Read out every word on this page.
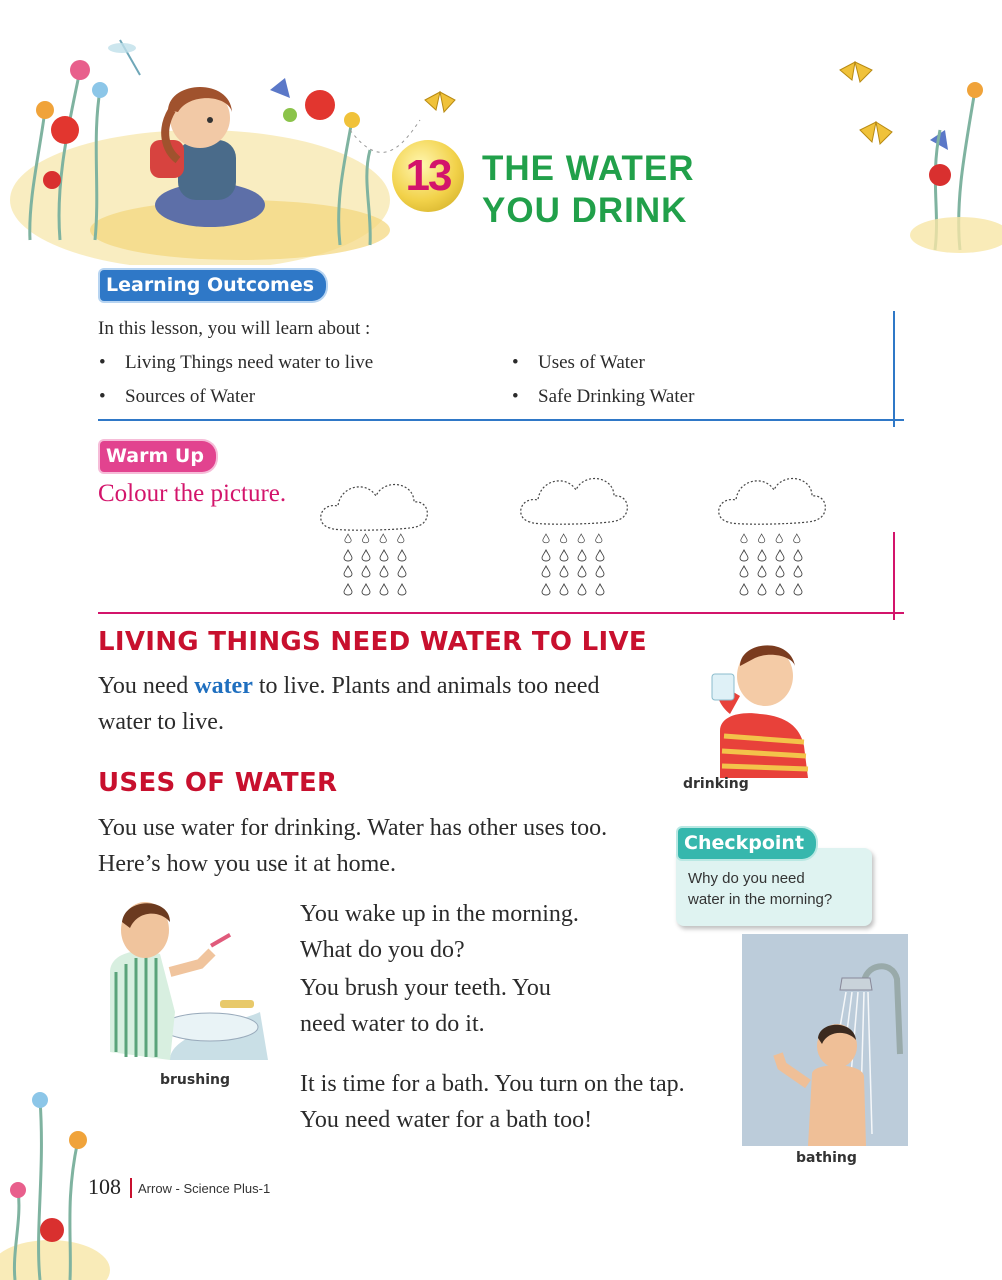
13 THE WATER
YOU DRINK
Learning Outcomes
In this lesson, you will learn about :
• Living Things need water to live
• Sources of Water
• Uses of Water
• Safe Drinking Water
Warm Up
Colour the picture.
LIVING THINGS NEED WATER TO LIVE
You need water to live. Plants and animals too need
water to live.
drinking
USES OF WATER
You use water for drinking. Water has other uses too.
Here’s how you use it at home.
Checkpoint
Why do you need
water in the morning?
brushing
You wake up in the morning.
What do you do?
You brush your teeth. You
need water to do it.
It is time for a bath. You turn on the tap.
You need water for a bath too!
bathing
108 Arrow - Science Plus-1
